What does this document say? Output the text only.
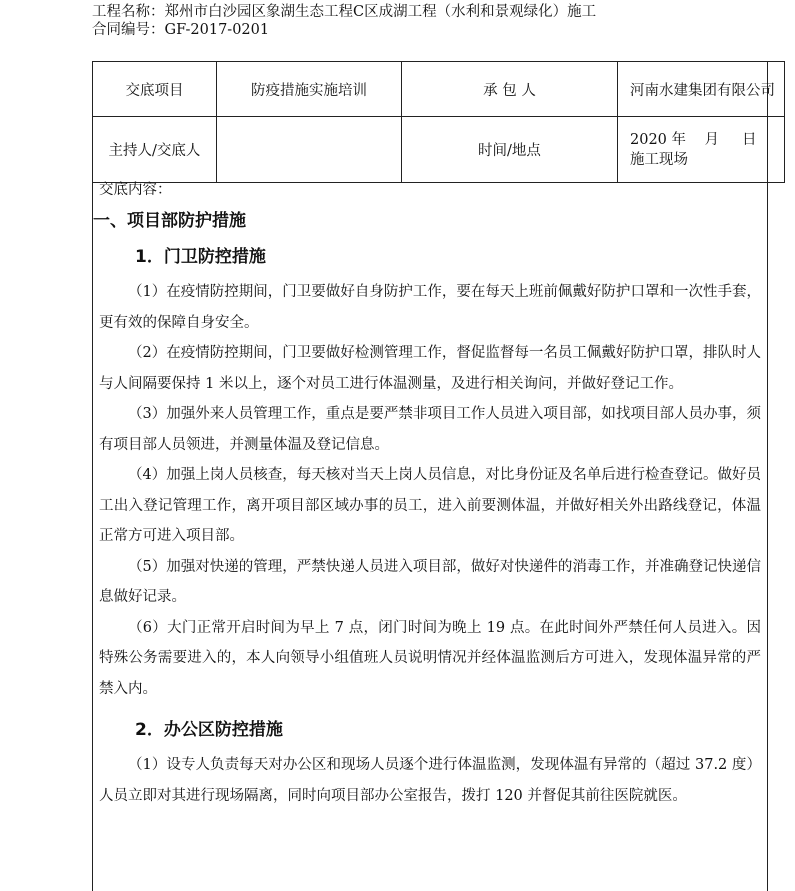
工程名称：郑州市白沙园区象湖生态工程C区成湖工程（水利和景观绿化）施工
合同编号：GF-2017-0201
交底项目	防疫措施实施培训	承 包 人	河南水建集团有限公司
主持人/交底人		时间/地点	2020 年    月     日
施工现场

交底内容：

一、项目部防护措施
1．门卫防控措施

（1）在疫情防控期间，门卫要做好自身防护工作，要在每天上班前佩戴好防护口罩和一次性手套，更有效的保障自身安全。

（2）在疫情防控期间，门卫要做好检测管理工作，督促监督每一名员工佩戴好防护口罩，排队时人与人间隔要保持 1 米以上，逐个对员工进行体温测量，及进行相关询问，并做好登记工作。

（3）加强外来人员管理工作，重点是要严禁非项目工作人员进入项目部，如找项目部人员办事，须有项目部人员领进，并测量体温及登记信息。

（4）加强上岗人员核查，每天核对当天上岗人员信息，对比身份证及名单后进行检查登记。做好员工出入登记管理工作，离开项目部区域办事的员工，进入前要测体温，并做好相关外出路线登记，体温正常方可进入项目部。

（5）加强对快递的管理，严禁快递人员进入项目部，做好对快递件的消毒工作，并准确登记快递信息做好记录。

（6）大门正常开启时间为早上 7 点，闭门时间为晚上 19 点。在此时间外严禁任何人员进入。因特殊公务需要进入的，本人向领导小组值班人员说明情况并经体温监测后方可进入，发现体温异常的严禁入内。

2．办公区防控措施

（1）设专人负责每天对办公区和现场人员逐个进行体温监测，发现体温有异常的（超过 37.2 度）人员立即对其进行现场隔离，同时向项目部办公室报告，拨打 120 并督促其前往医院就医。
